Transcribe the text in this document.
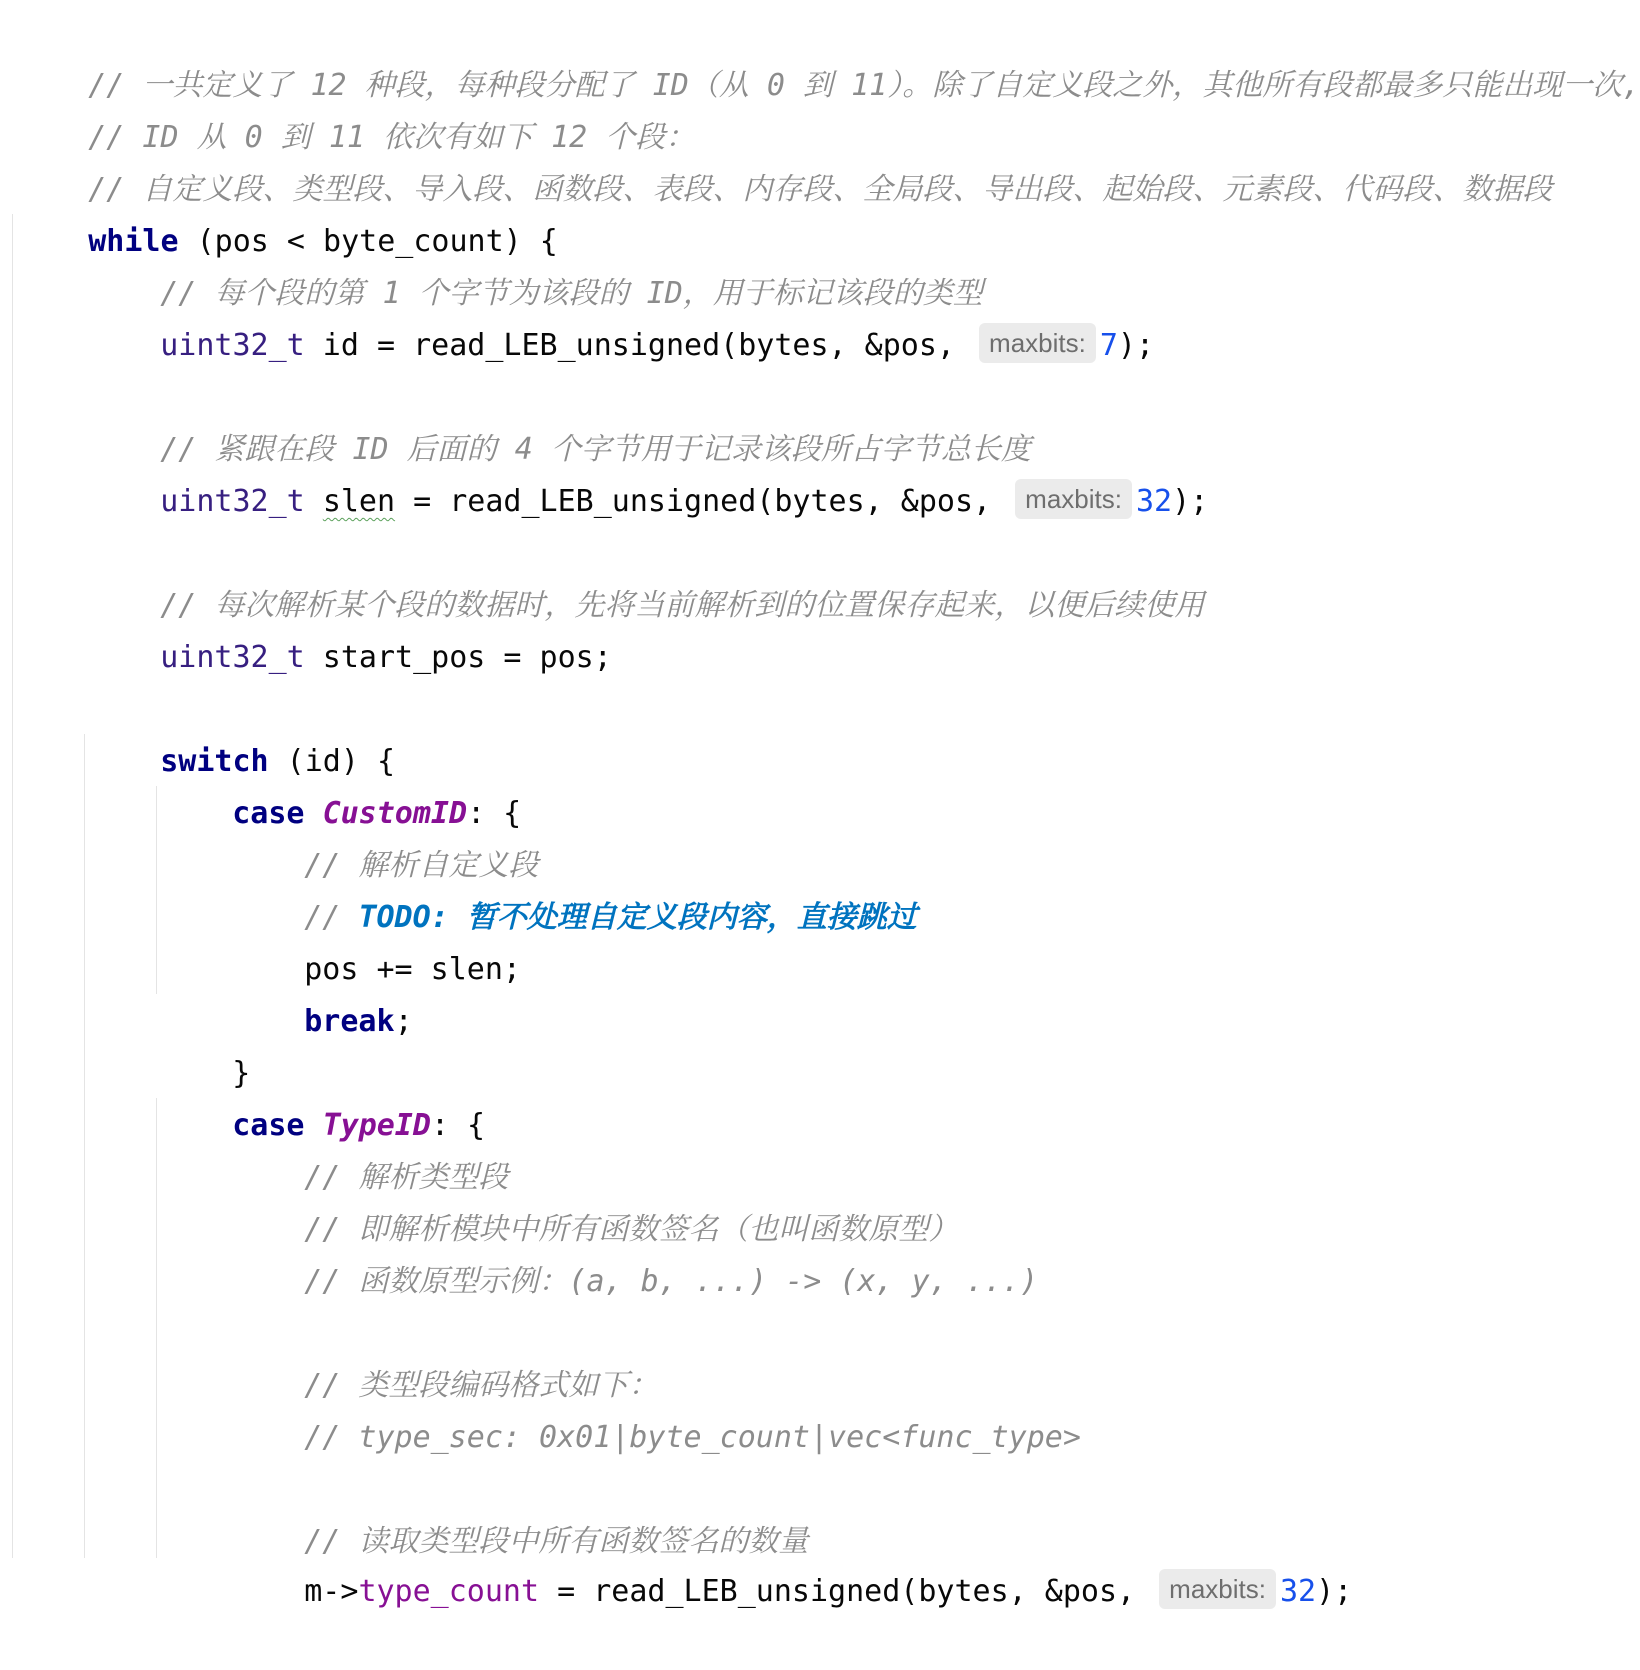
// 一共定义了 12 种段，每种段分配了 ID（从 0 到 11）。除了自定义段之外，其他所有段都最多只能出现一次,

// ID 从 0 到 11 依次有如下 12 个段：

// 自定义段、类型段、导入段、函数段、表段、内存段、全局段、导出段、起始段、元素段、代码段、数据段

while (pos < byte_count) {

// 每个段的第 1 个字节为该段的 ID，用于标记该段的类型

uint32_t id = read_LEB_unsigned(bytes, &pos, maxbits: 7);

// 紧跟在段 ID 后面的 4 个字节用于记录该段所占字节总长度

uint32_t slen = read_LEB_unsigned(bytes, &pos, maxbits: 32);

// 每次解析某个段的数据时，先将当前解析到的位置保存起来，以便后续使用

uint32_t start_pos = pos;

switch (id) {

case CustomID: {

// 解析自定义段

// TODO: 暂不处理自定义段内容，直接跳过

pos += slen;

break;

}

case TypeID: {

// 解析类型段

// 即解析模块中所有函数签名（也叫函数原型）

// 函数原型示例：(a, b, ...) -> (x, y, ...)

// 类型段编码格式如下：

// type_sec: 0x01|byte_count|vec<func_type>

// 读取类型段中所有函数签名的数量

m->type_count = read_LEB_unsigned(bytes, &pos, maxbits: 32);
